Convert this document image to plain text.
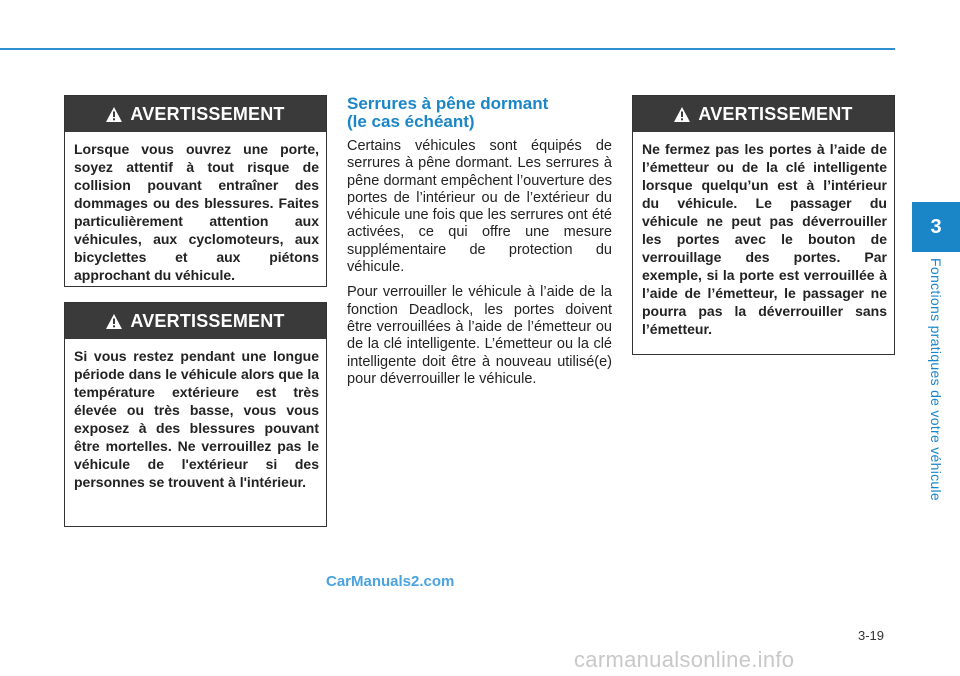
3
Fonctions pratiques de votre véhicule
AVERTISSEMENT
Lorsque vous ouvrez une porte, soyez attentif à tout risque de collision pouvant entraîner des dommages ou des blessures. Faites particulièrement attention aux véhicules, aux cyclomoteurs, aux bicyclettes et aux piétons approchant du véhicule.
AVERTISSEMENT
Si vous restez pendant une longue période dans le véhicule alors que la température extérieure est très élevée ou très basse, vous vous exposez à des blessures pouvant être mortelles. Ne verrouillez pas le véhicule de l'extérieur si des personnes se trouvent à l'intérieur.
Serrures à pêne dormant
(le cas échéant)

Certains véhicules sont équipés de serrures à pêne dormant. Les serrures à pêne dormant empêchent l’ouverture des portes de l’intérieur ou de l’extérieur du véhicule une fois que les serrures ont été activées, ce qui offre une mesure supplémentaire de protection du véhicule.

Pour verrouiller le véhicule à l’aide de la fonction Deadlock, les portes doivent être verrouillées à l’aide de l’émetteur ou de la clé intelligente. L’émetteur ou la clé intelligente doit être à nouveau utilisé(e) pour déverrouiller le véhicule.

AVERTISSEMENT
Ne fermez pas les portes à l’aide de l’émetteur ou de la clé intelligente lorsque quelqu’un est à l’intérieur du véhicule. Le passager du véhicule ne peut pas déverrouiller les portes avec le bouton de verrouillage des portes. Par exemple, si la porte est verrouillée à l’aide de l’émetteur, le passager ne pourra pas la déverrouiller sans l’émetteur.
CarManuals2.com
3-19
carmanualsonline.info
